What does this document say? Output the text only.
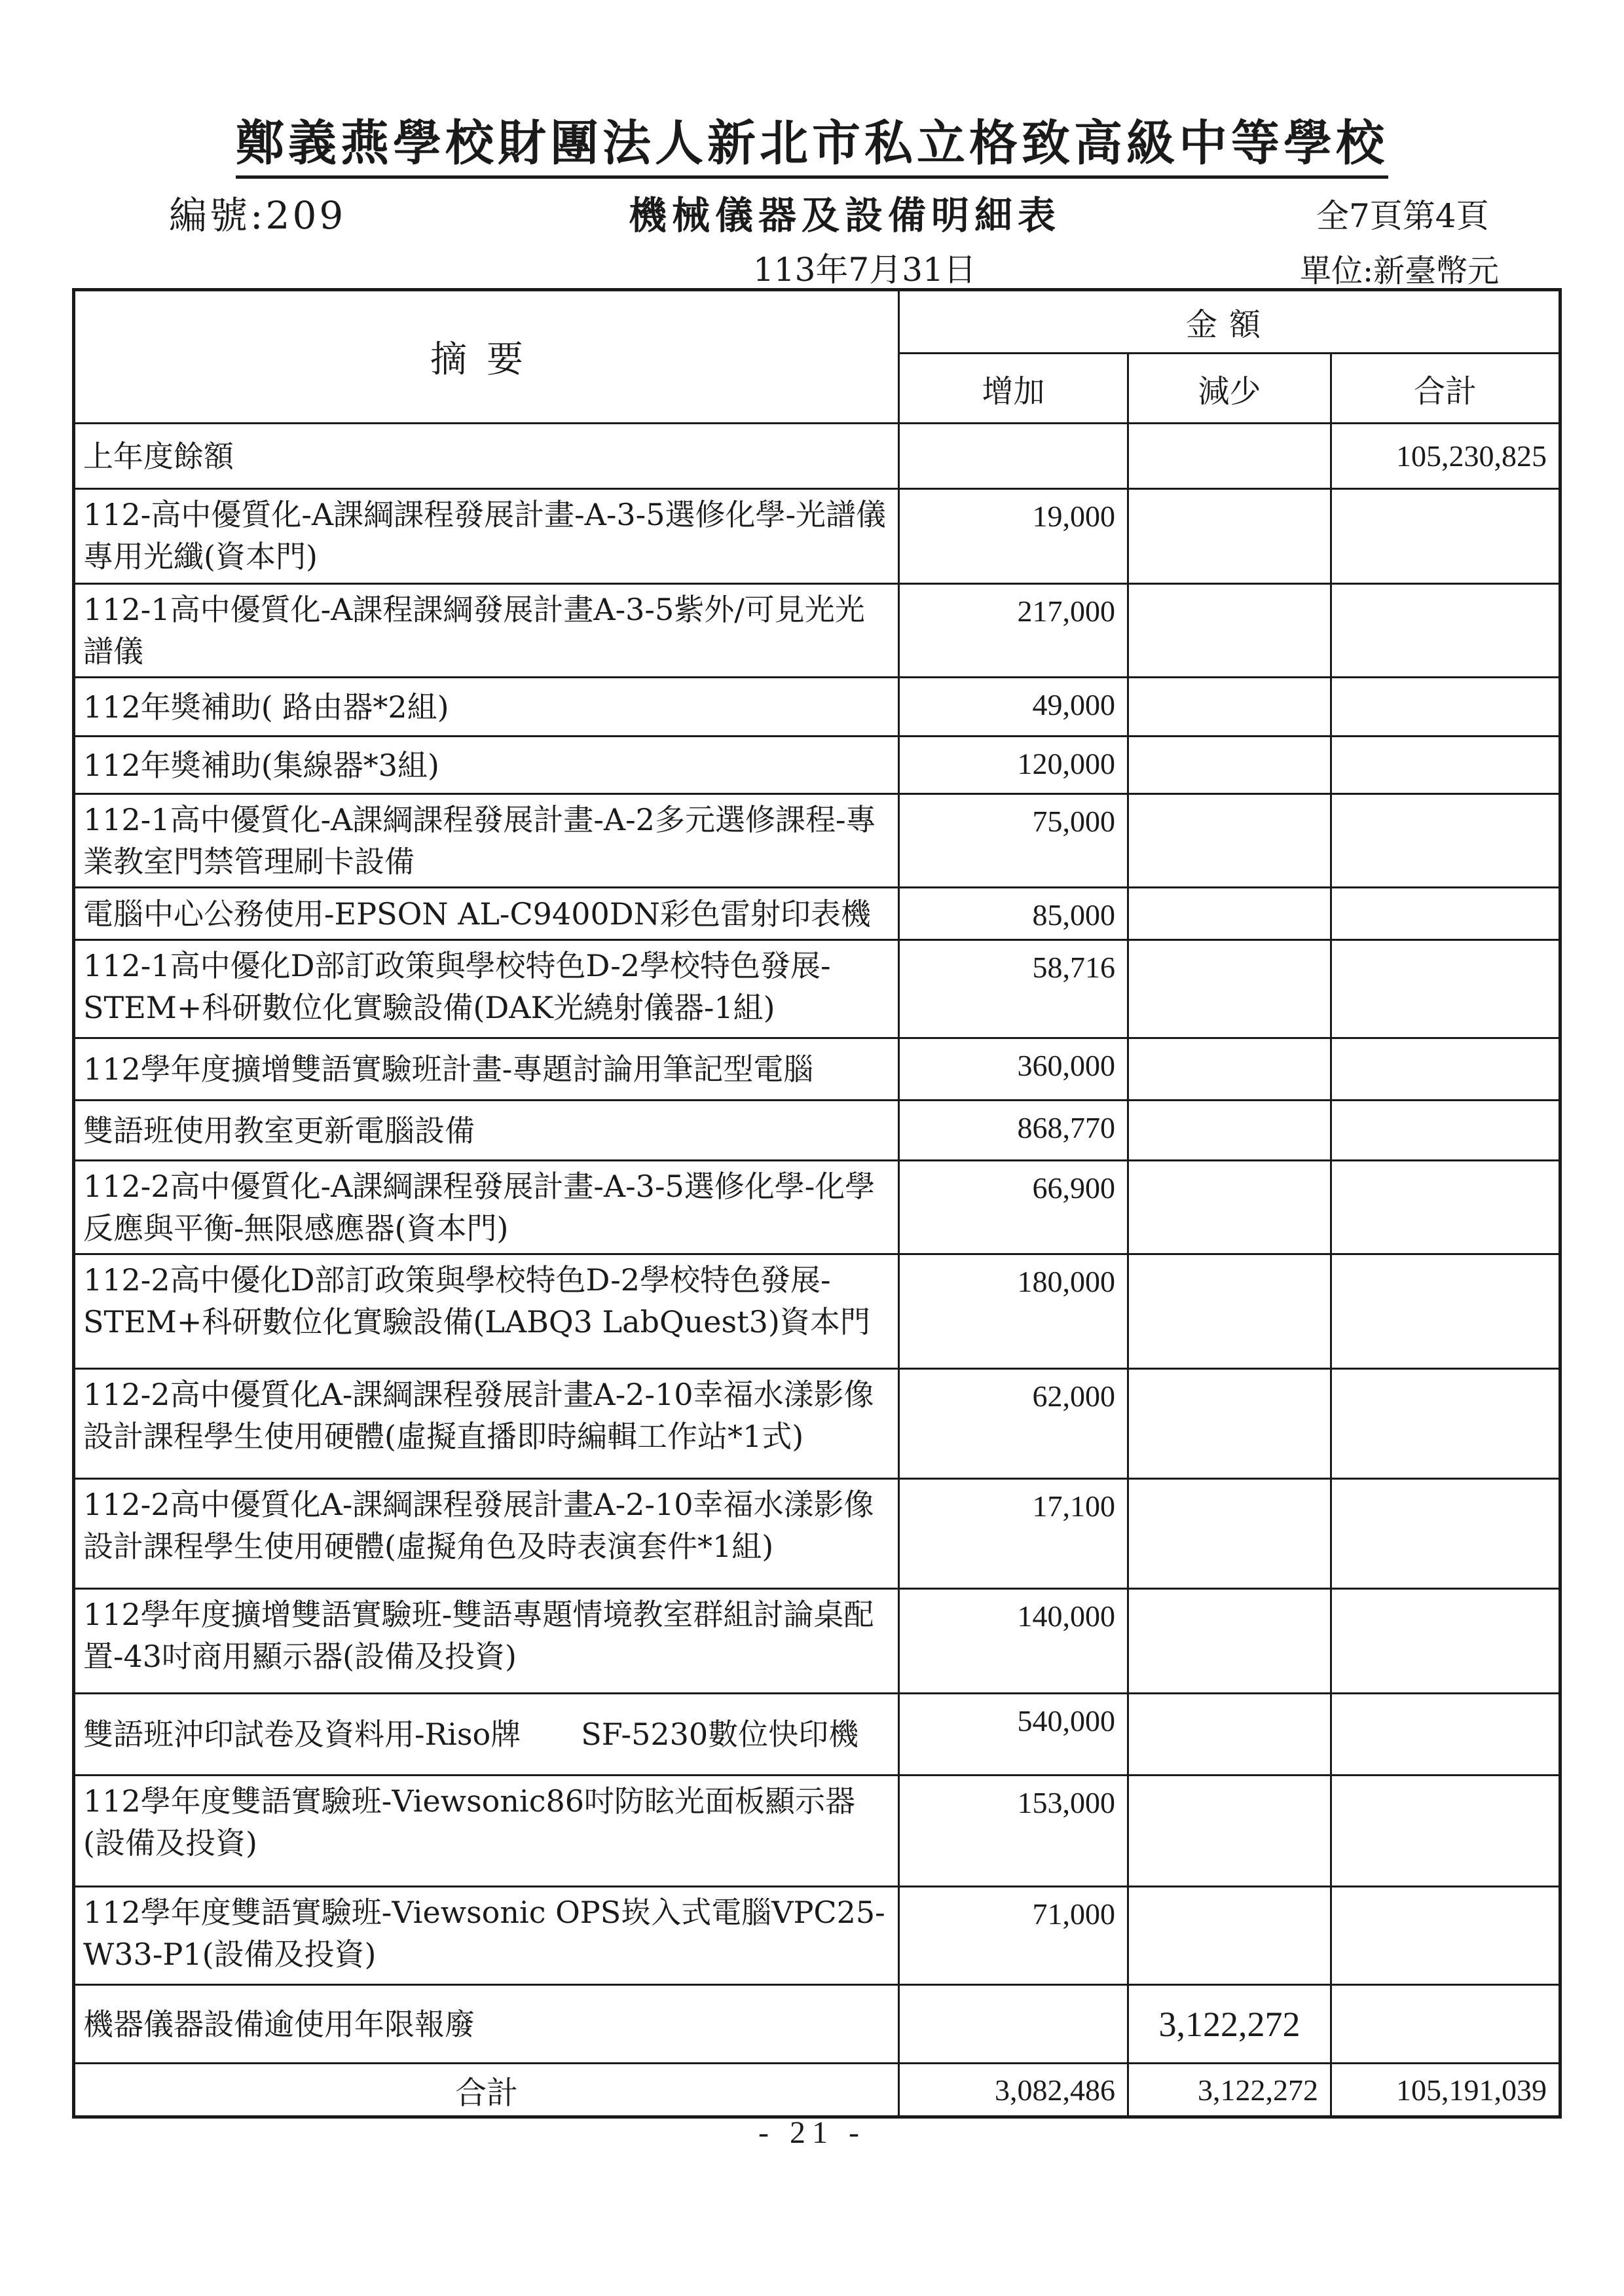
鄭義燕學校財團法人新北市私立格致高級中等學校
編號:209	機械儀器及設備明細表	全7頁第4頁
113年7月31日	單位:新臺幣元
摘要	金額		
	增加	減少	合計
上年度餘額			105,230,825
112-高中優質化-A課綱課程發展計畫-A-3-5選修化學-光譜儀專用光纖(資本門)	19,000		
112-1高中優質化-A課程課綱發展計畫A-3-5紫外/可見光光譜儀	217,000		
112年獎補助( 路由器*2組)	49,000		
112年獎補助(集線器*3組)	120,000		
112-1高中優質化-A課綱課程發展計畫-A-2多元選修課程-專業教室門禁管理刷卡設備	75,000		
電腦中心公務使用-EPSON AL-C9400DN彩色雷射印表機	85,000		
112-1高中優化D部訂政策與學校特色D-2學校特色發展-STEM+科研數位化實驗設備(DAK光繞射儀器-1組)	58,716		
112學年度擴增雙語實驗班計畫-專題討論用筆記型電腦	360,000		
雙語班使用教室更新電腦設備	868,770		
112-2高中優質化-A課綱課程發展計畫-A-3-5選修化學-化學反應與平衡-無限感應器(資本門)	66,900		
112-2高中優化D部訂政策與學校特色D-2學校特色發展-STEM+科研數位化實驗設備(LABQ3 LabQuest3)資本門	180,000		
112-2高中優質化A-課綱課程發展計畫A-2-10幸福水漾影像設計課程學生使用硬體(虛擬直播即時編輯工作站*1式)	62,000		
112-2高中優質化A-課綱課程發展計畫A-2-10幸福水漾影像設計課程學生使用硬體(虛擬角色及時表演套件*1組)	17,100		
112學年度擴增雙語實驗班-雙語專題情境教室群組討論桌配置-43吋商用顯示器(設備及投資)	140,000		
雙語班沖印試卷及資料用-Riso牌　　SF-5230數位快印機	540,000		
112學年度雙語實驗班-Viewsonic86吋防眩光面板顯示器(設備及投資)	153,000		
112學年度雙語實驗班-Viewsonic OPS崁入式電腦VPC25-W33-P1(設備及投資)	71,000		
機器儀器設備逾使用年限報廢		3,122,272	
合計	3,082,486	3,122,272	105,191,039
- 21 -
